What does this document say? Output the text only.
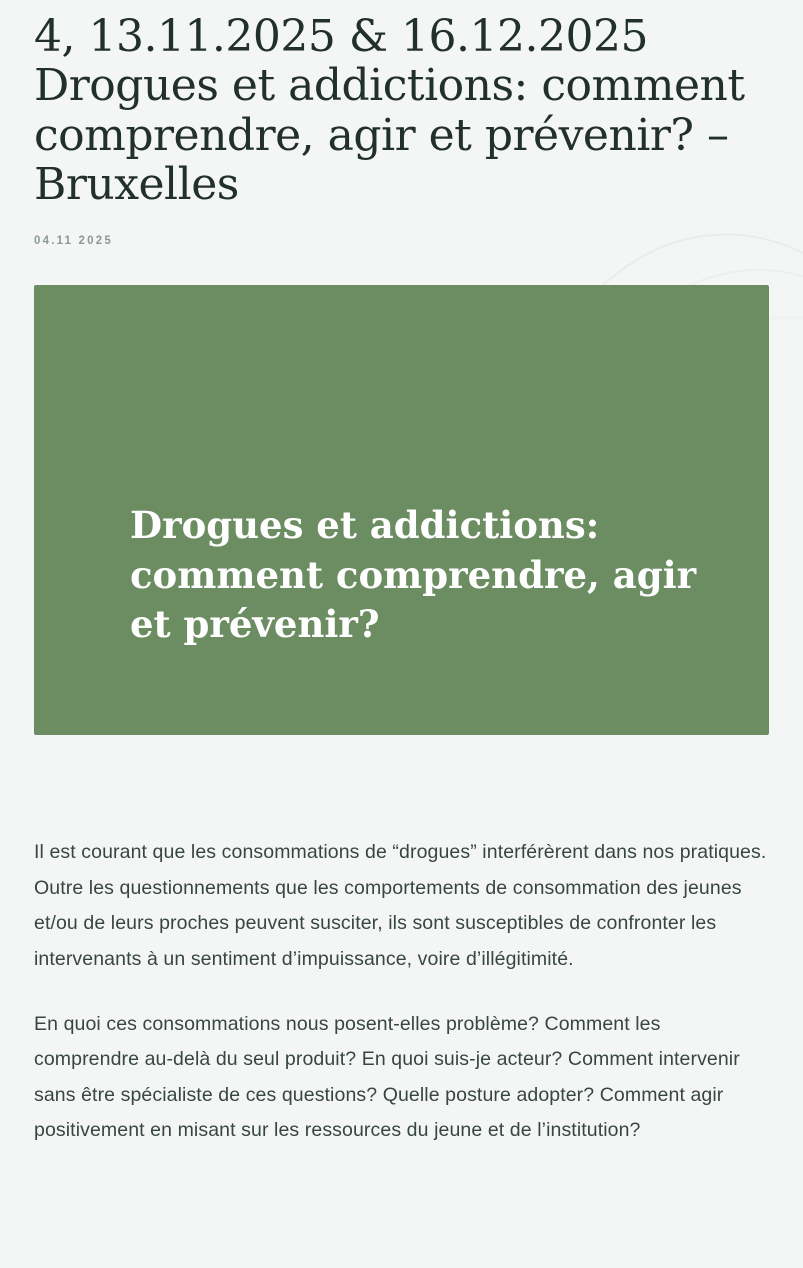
4, 13.11.2025 & 16.12.2025 Drogues et addictions: comment comprendre, agir et prévenir? – Bruxelles
04.11 2025
Drogues et addictions: comment comprendre, agir et prévenir?

Il est courant que les consommations de “drogues” interférèrent dans nos pratiques. Outre les questionnements que les comportements de consommation des jeunes et/ou de leurs proches peuvent susciter, ils sont susceptibles de confronter les intervenants à un sentiment d’impuissance, voire d’illégitimité.

En quoi ces consommations nous posent-elles problème? Comment les comprendre au-delà du seul produit? En quoi suis-je acteur? Comment intervenir sans être spécialiste de ces questions? Quelle posture adopter? Comment agir positivement en misant sur les ressources du jeune et de l’institution?
